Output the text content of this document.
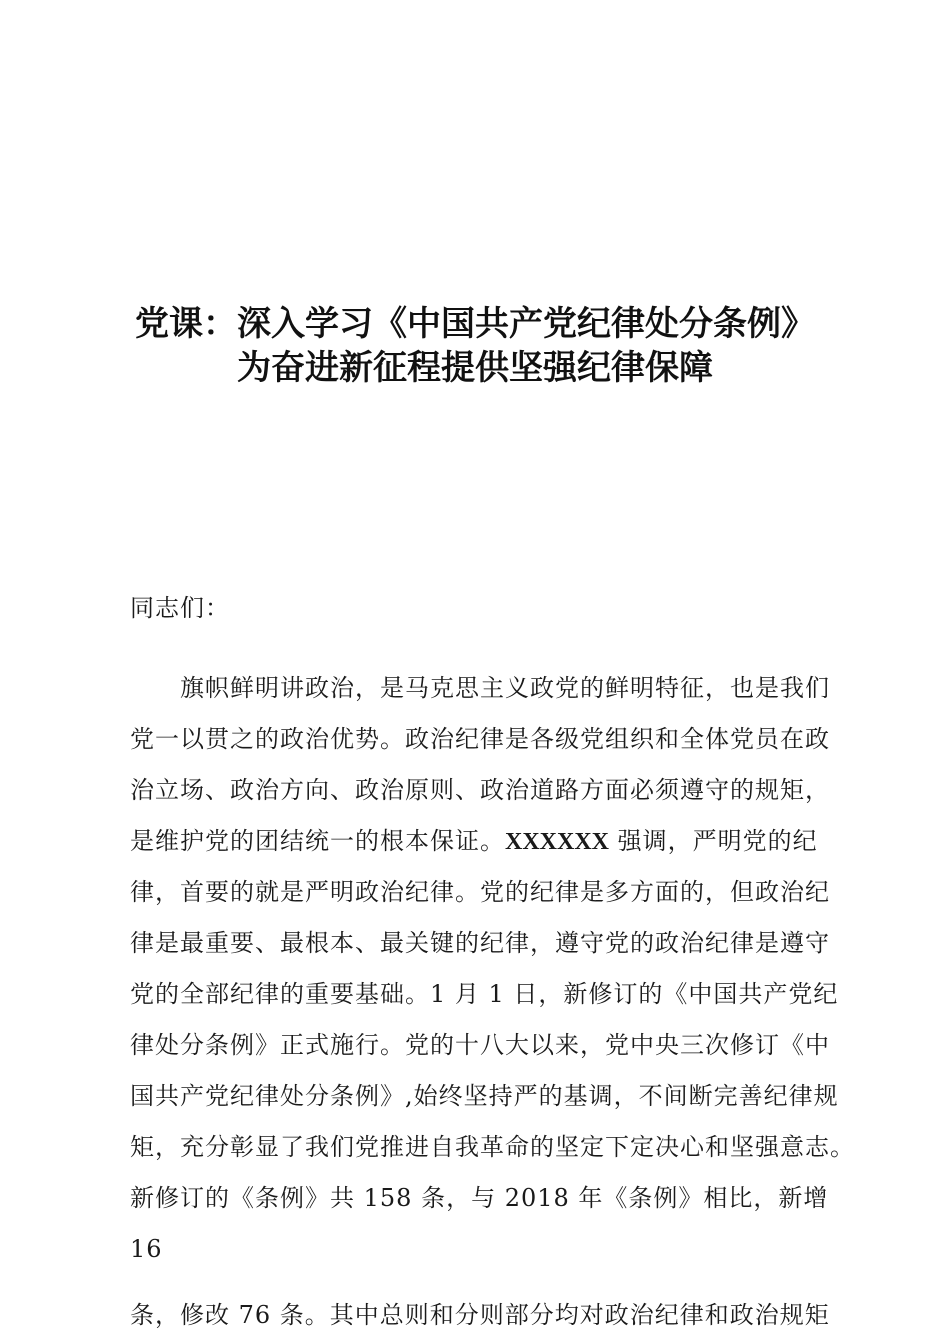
党课：深入学习《中国共产党纪律处分条例》
为奋进新征程提供坚强纪律保障
同志们：
旗帜鲜明讲政治，是马克思主义政党的鲜明特征，也是我们
党一以贯之的政治优势。政治纪律是各级党组织和全体党员在政
治立场、政治方向、政治原则、政治道路方面必须遵守的规矩，
是维护党的团结统一的根本保证。XXXXXX 强调，严明党的纪
律，首要的就是严明政治纪律。党的纪律是多方面的，但政治纪
律是最重要、最根本、最关键的纪律，遵守党的政治纪律是遵守
党的全部纪律的重要基础。1 月 1 日，新修订的《中国共产党纪
律处分条例》正式施行。党的十八大以来，党中央三次修订《中
国共产党纪律处分条例》,始终坚持严的基调，不间断完善纪律规
矩，充分彰显了我们党推进自我革命的坚定下定决心和坚强意志。
新修订的《条例》共 158 条，与 2018 年《条例》相比，新增
16
条，修改 76 条。其中总则和分则部分均对政治纪律和政治规矩
